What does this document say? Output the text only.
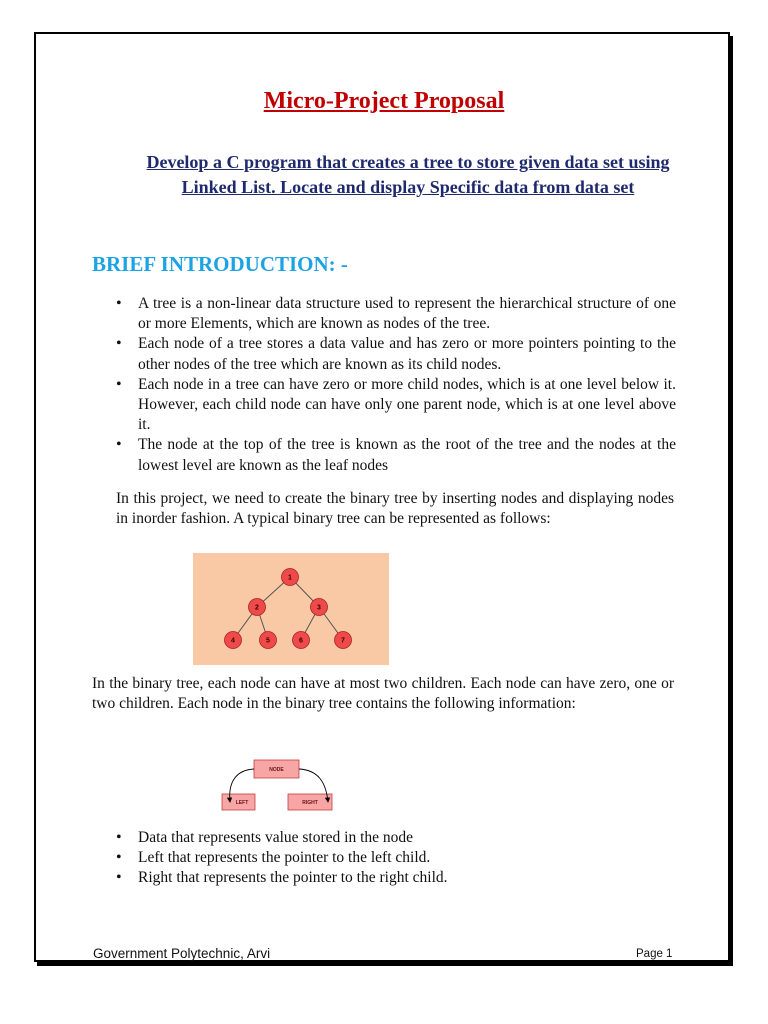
Micro-Project Proposal

Develop a C program that creates a tree to store given data set using Linked List. Locate and display Specific data from data set

BRIEF INTRODUCTION: -
• A tree is a non-linear data structure used to represent the hierarchical structure of one or more Elements, which are known as nodes of the tree.
• Each node of a tree stores a data value and has zero or more pointers pointing to the other nodes of the tree which are known as its child nodes.
• Each node in a tree can have zero or more child nodes, which is at one level below it. However, each child node can have only one parent node, which is at one level above it.
• The node at the top of the tree is known as the root of the tree and the nodes at the lowest level are known as the leaf nodes

In this project, we need to create the binary tree by inserting nodes and displaying nodes in inorder fashion. A typical binary tree can be represented as follows:

1
2	3
4	5	6	7

In the binary tree, each node can have at most two children. Each node can have zero, one or two children. Each node in the binary tree contains the following information:

NODE
LEFT	RIGHT
• Data that represents value stored in the node
• Left that represents the pointer to the left child.
• Right that represents the pointer to the right child.
Government Polytechnic, Arvi	Page 1
